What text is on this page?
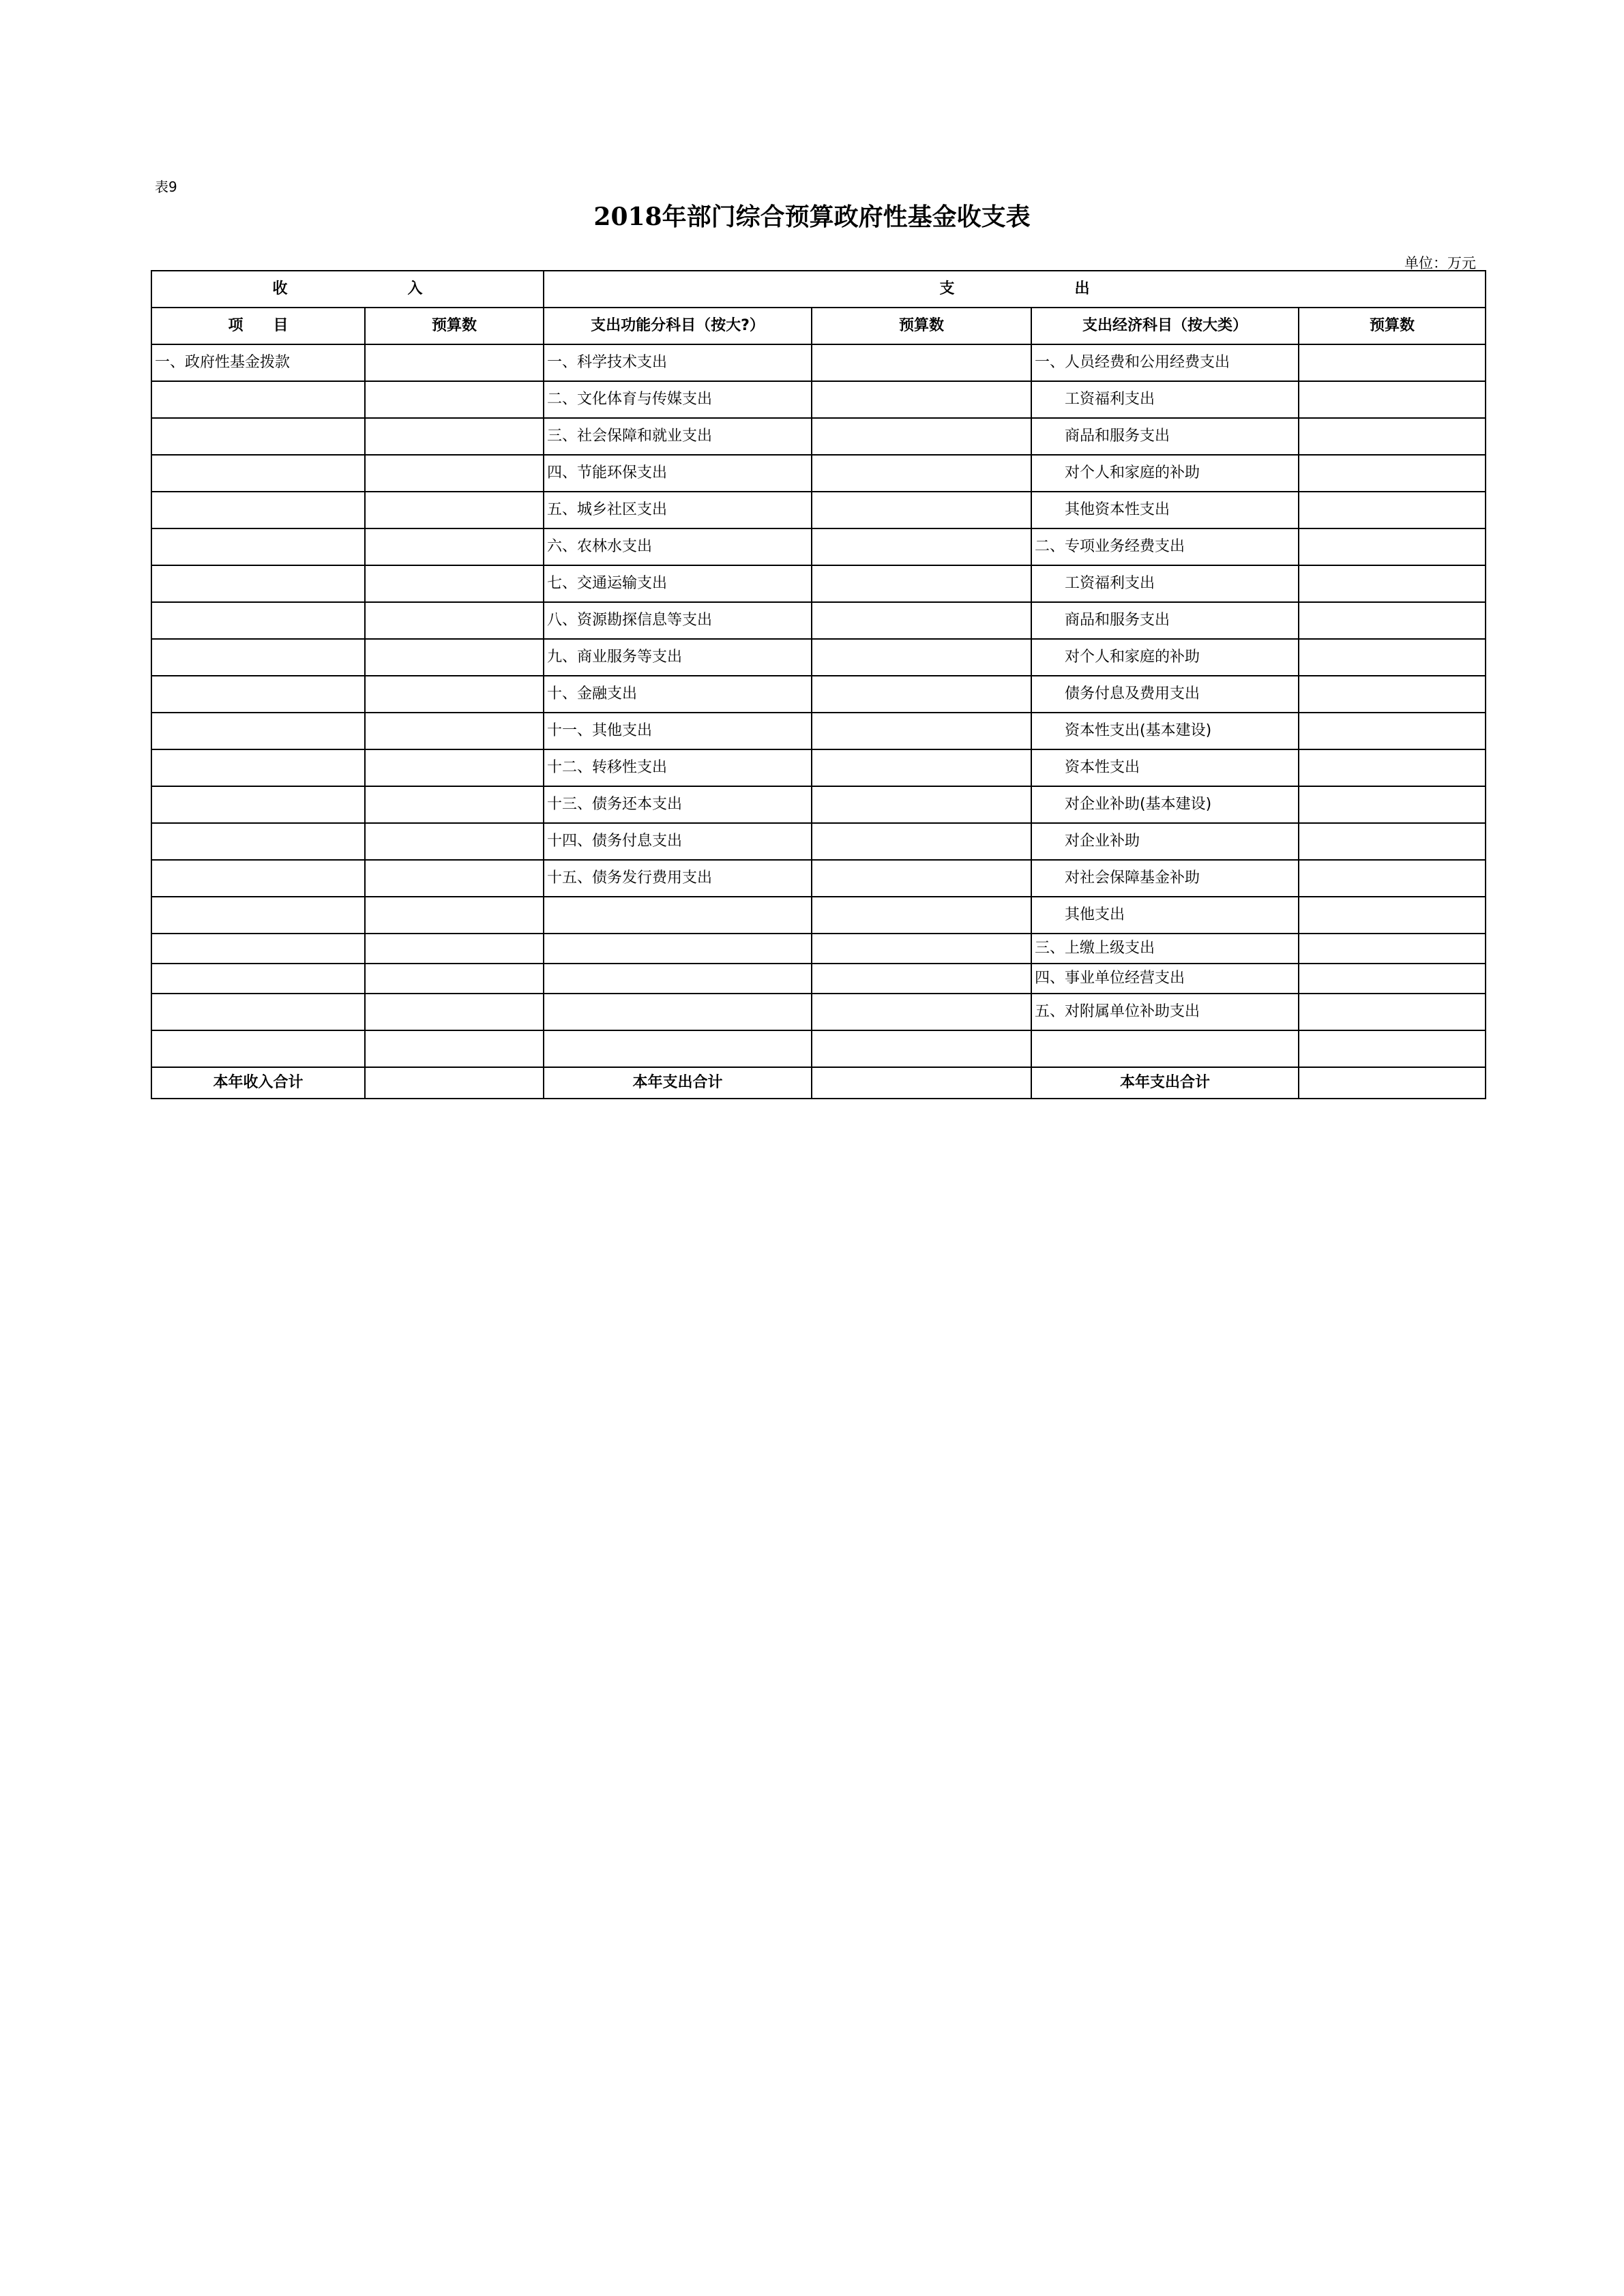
表9
2018年部门综合预算政府性基金收支表
单位：万元
收　　　　　　　　入		支　　　　　　　　出			
项　　目	预算数	支出功能分科目（按大?）	预算数	支出经济科目（按大类）	预算数
一、政府性基金拨款		一、科学技术支出		一、人员经费和公用经费支出	
		二、文化体育与传媒支出		工资福利支出	
		三、社会保障和就业支出		商品和服务支出	
		四、节能环保支出		对个人和家庭的补助	
		五、城乡社区支出		其他资本性支出	
		六、农林水支出		二、专项业务经费支出	
		七、交通运输支出		工资福利支出	
		八、资源勘探信息等支出		商品和服务支出	
		九、商业服务等支出		对个人和家庭的补助	
		十、金融支出		债务付息及费用支出	
		十一、其他支出		资本性支出(基本建设)	
		十二、转移性支出		资本性支出	
		十三、债务还本支出		对企业补助(基本建设)	
		十四、债务付息支出		对企业补助	
		十五、债务发行费用支出		对社会保障基金补助	
				其他支出	
				三、上缴上级支出	
				四、事业单位经营支出	
				五、对附属单位补助支出	

本年收入合计		本年支出合计		本年支出合计	
